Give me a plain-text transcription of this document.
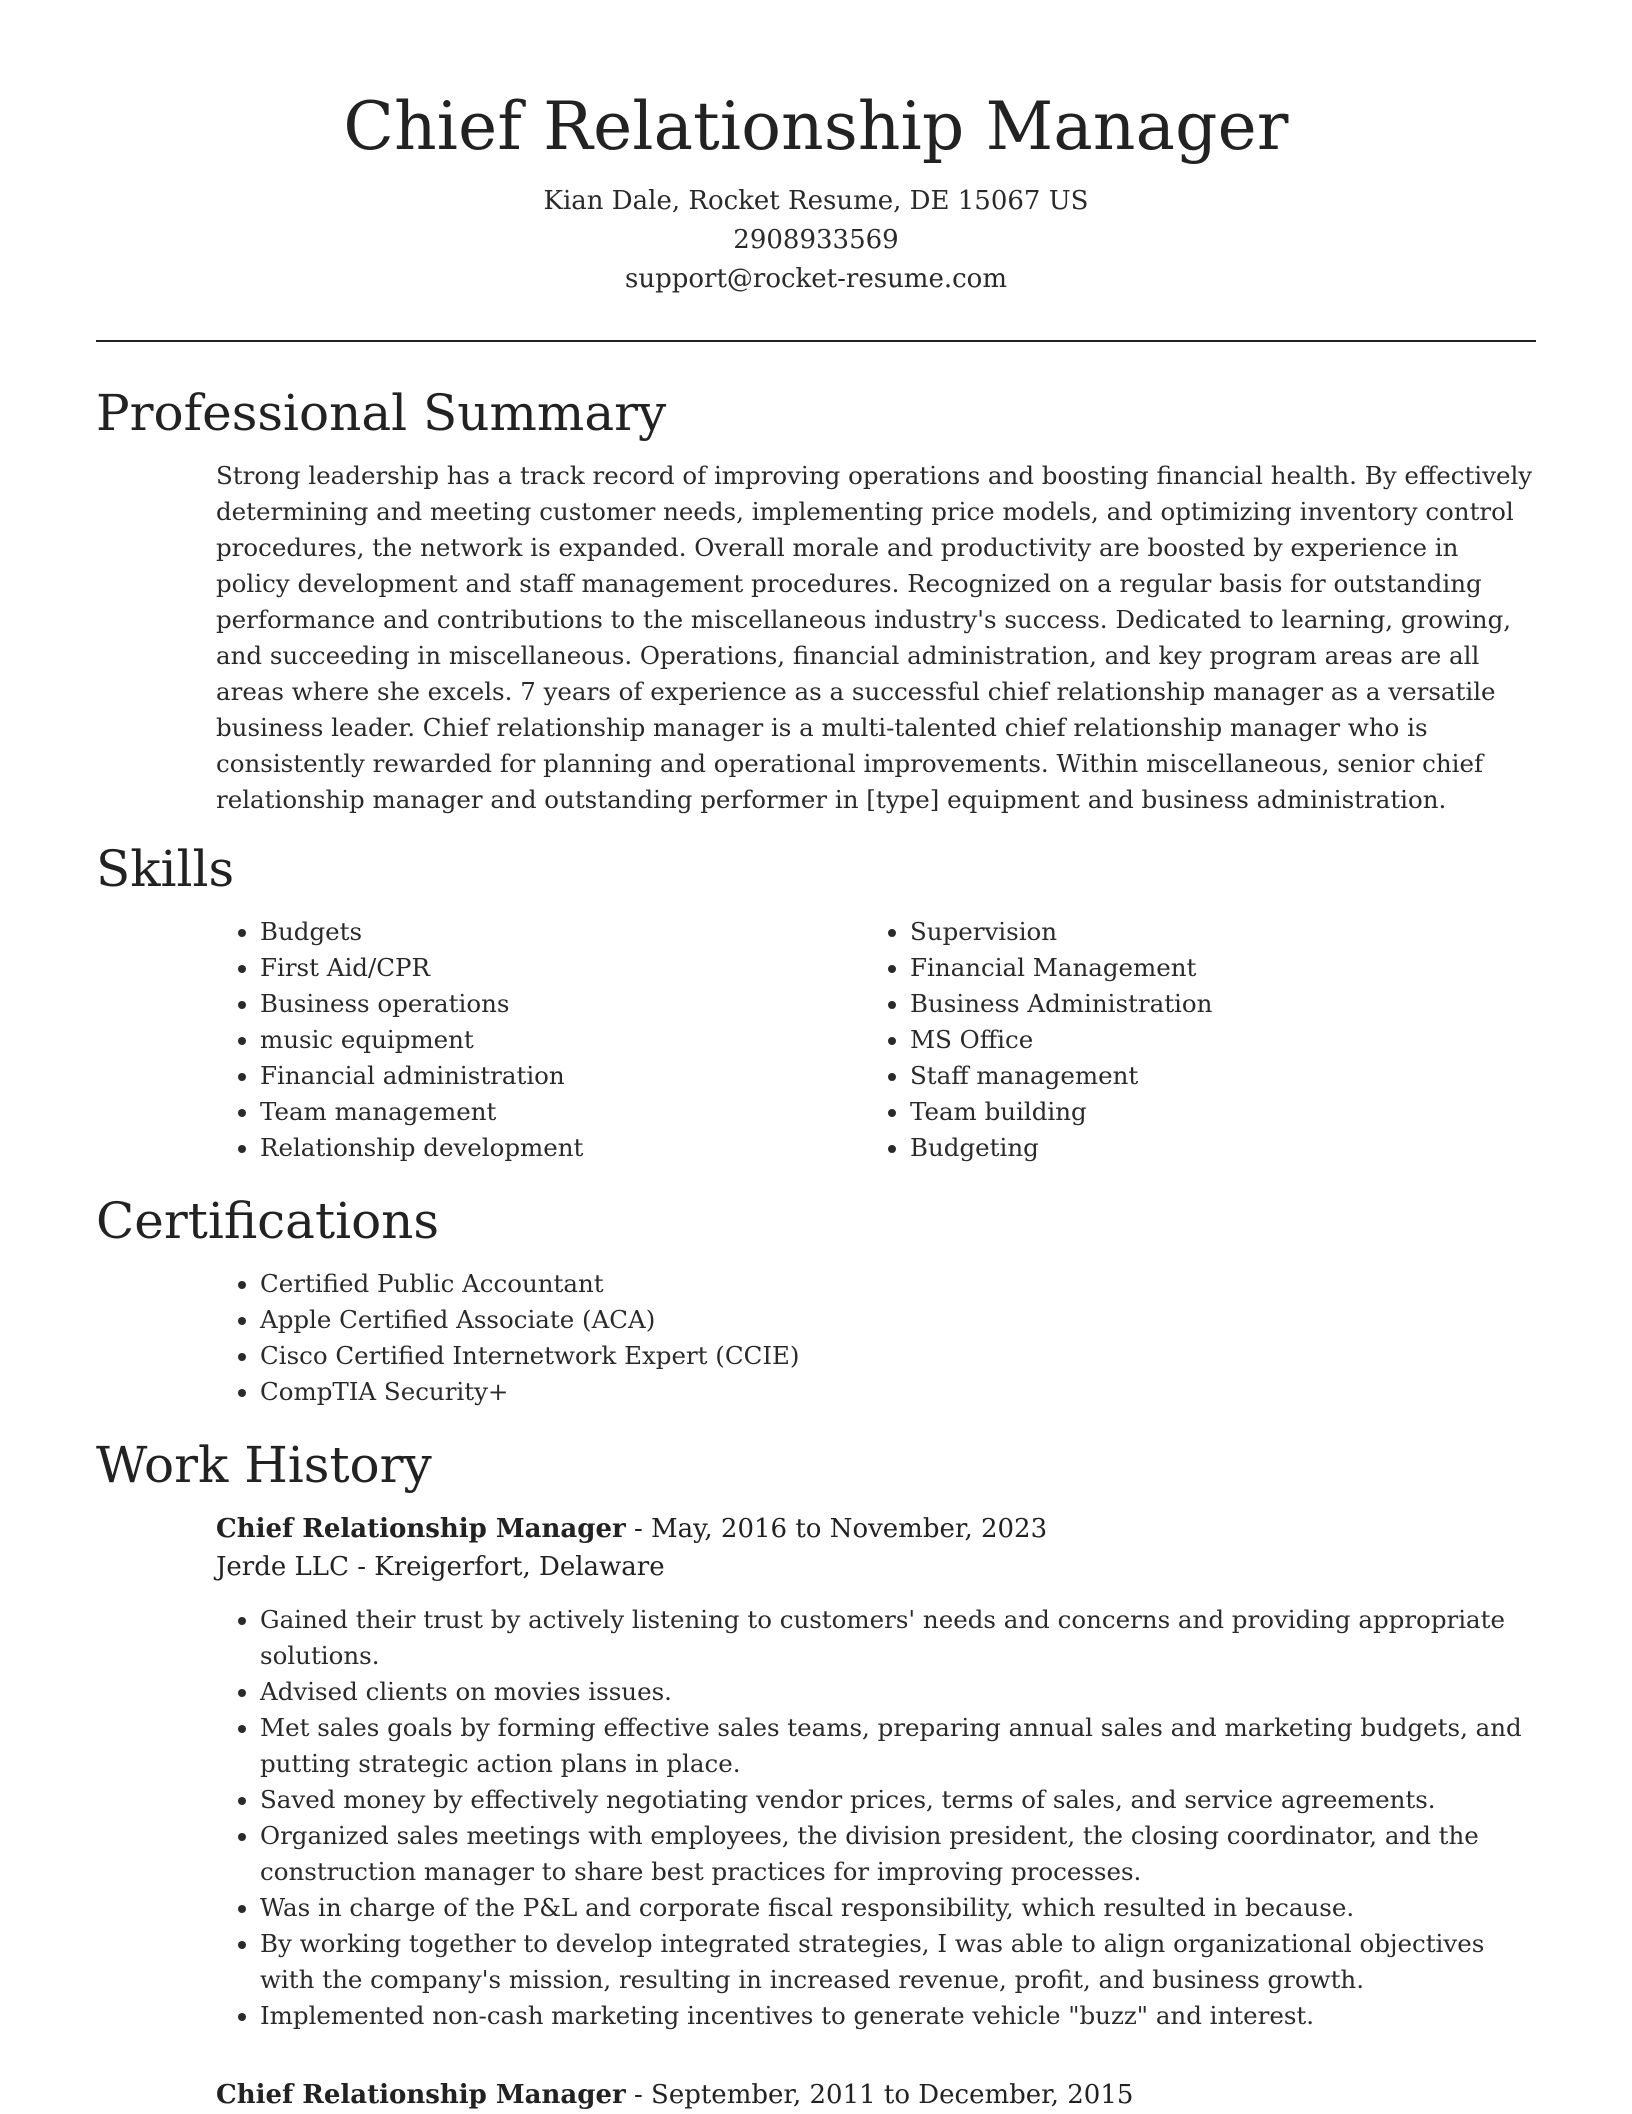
Chief Relationship Manager
Kian Dale, Rocket Resume, DE 15067 US
2908933569
support@rocket-resume.com
Professional Summary
Strong leadership has a track record of improving operations and boosting financial health. By effectively determining and meeting customer needs, implementing price models, and optimizing inventory control procedures, the network is expanded. Overall morale and productivity are boosted by experience in policy development and staff management procedures. Recognized on a regular basis for outstanding performance and contributions to the miscellaneous industry's success. Dedicated to learning, growing, and succeeding in miscellaneous. Operations, financial administration, and key program areas are all areas where she excels. 7 years of experience as a successful chief relationship manager as a versatile business leader. Chief relationship manager is a multi-talented chief relationship manager who is consistently rewarded for planning and operational improvements. Within miscellaneous, senior chief relationship manager and outstanding performer in [type] equipment and business administration.
Skills
• Budgets
• First Aid/CPR
• Business operations
• music equipment
• Financial administration
• Team management
• Relationship development
• Supervision
• Financial Management
• Business Administration
• MS Office
• Staff management
• Team building
• Budgeting
Certifications
• Certified Public Accountant
• Apple Certified Associate (ACA)
• Cisco Certified Internetwork Expert (CCIE)
• CompTIA Security+
Work History
Chief Relationship Manager - May, 2016 to November, 2023
Jerde LLC - Kreigerfort, Delaware
• Gained their trust by actively listening to customers' needs and concerns and providing appropriate solutions.
• Advised clients on movies issues.
• Met sales goals by forming effective sales teams, preparing annual sales and marketing budgets, and putting strategic action plans in place.
• Saved money by effectively negotiating vendor prices, terms of sales, and service agreements.
• Organized sales meetings with employees, the division president, the closing coordinator, and the construction manager to share best practices for improving processes.
• Was in charge of the P&L and corporate fiscal responsibility, which resulted in because.
• By working together to develop integrated strategies, I was able to align organizational objectives with the company's mission, resulting in increased revenue, profit, and business growth.
• Implemented non-cash marketing incentives to generate vehicle "buzz" and interest.
Chief Relationship Manager - September, 2011 to December, 2015
